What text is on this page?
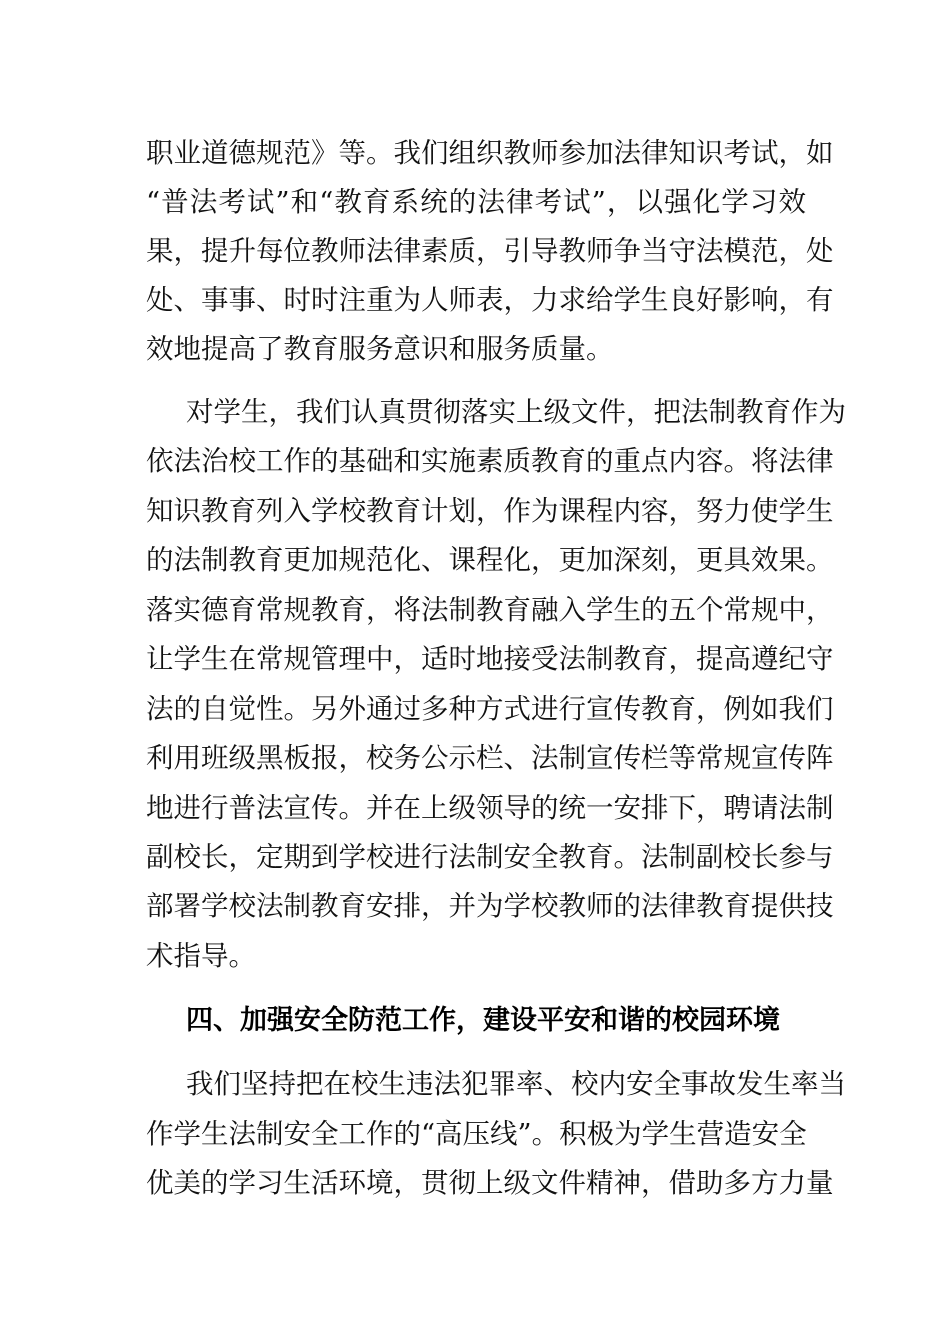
职业道德规范》等。我们组织教师参加法律知识考试，如
“普法考试”和“教育系统的法律考试”，以强化学习效
果，提升每位教师法律素质，引导教师争当守法模范，处
处、事事、时时注重为人师表，力求给学生良好影响，有
效地提高了教育服务意识和服务质量。
对学生，我们认真贯彻落实上级文件，把法制教育作为
依法治校工作的基础和实施素质教育的重点内容。将法律
知识教育列入学校教育计划，作为课程内容，努力使学生
的法制教育更加规范化、课程化，更加深刻，更具效果。
落实德育常规教育，将法制教育融入学生的五个常规中，
让学生在常规管理中，适时地接受法制教育，提高遵纪守
法的自觉性。另外通过多种方式进行宣传教育，例如我们
利用班级黑板报，校务公示栏、法制宣传栏等常规宣传阵
地进行普法宣传。并在上级领导的统一安排下，聘请法制
副校长，定期到学校进行法制安全教育。法制副校长参与
部署学校法制教育安排，并为学校教师的法律教育提供技
术指导。
四、加强安全防范工作，建设平安和谐的校园环境
我们坚持把在校生违法犯罪率、校内安全事故发生率当
作学生法制安全工作的“高压线”。积极为学生营造安全
优美的学习生活环境，贯彻上级文件精神，借助多方力量
